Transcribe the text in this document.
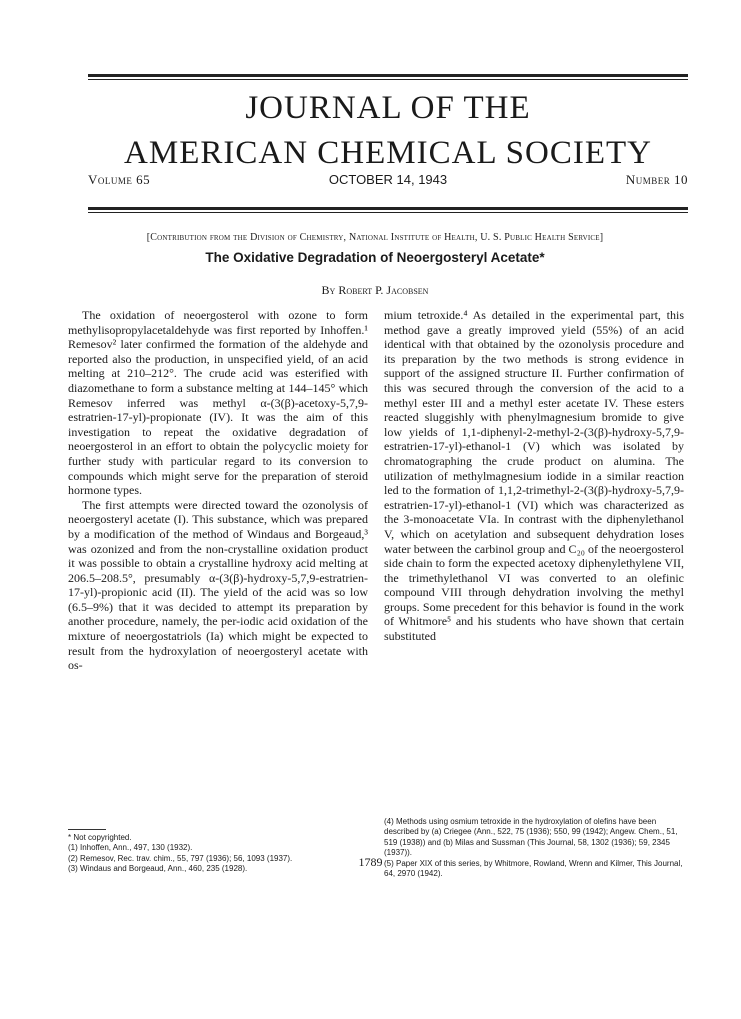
JOURNAL OF THE
AMERICAN CHEMICAL SOCIETY
OCTOBER 14, 1943
Volume 65	Number 10
[Contribution from the Division of Chemistry, National Institute of Health, U. S. Public Health Service]
The Oxidative Degradation of Neoergosteryl Acetate*
By Robert P. Jacobsen

The oxidation of neoergosterol with ozone to form methylisopropylacetaldehyde was first reported by Inhoffen.¹ Remesov² later confirmed the formation of the aldehyde and reported also the production, in unspecified yield, of an acid melting at 210–212°. The crude acid was esterified with diazomethane to form a substance melting at 144–145° which Remesov inferred was methyl α-(3(β)-acetoxy-5,7,9-estratrien-17-yl)-propionate (IV). It was the aim of this investigation to repeat the oxidative degradation of neoergosterol in an effort to obtain the polycyclic moiety for further study with particular regard to its conversion to compounds which might serve for the preparation of steroid hormone types.

The first attempts were directed toward the ozonolysis of neoergosteryl acetate (I). This substance, which was prepared by a modification of the method of Windaus and Borgeaud,³ was ozonized and from the non-crystalline oxidation product it was possible to obtain a crystalline hydroxy acid melting at 206.5–208.5°, presumably α-(3(β)-hydroxy-5,7,9-estratrien-17-yl)-propionic acid (II). The yield of the acid was so low (6.5–9%) that it was decided to attempt its preparation by another procedure, namely, the per-iodic acid oxidation of the mixture of neoergostatriols (Ia) which might be expected to result from the hydroxylation of neoergosteryl acetate with os-

mium tetroxide.⁴ As detailed in the experimental part, this method gave a greatly improved yield (55%) of an acid identical with that obtained by the ozonolysis procedure and its preparation by the two methods is strong evidence in support of the assigned structure II. Further confirmation of this was secured through the conversion of the acid to a methyl ester III and a methyl ester acetate IV. These esters reacted sluggishly with phenylmagnesium bromide to give low yields of 1,1-diphenyl-2-methyl-2-(3(β)-hydroxy-5,7,9-estratrien-17-yl)-ethanol-1 (V) which was isolated by chromatographing the crude product on alumina. The utilization of methylmagnesium iodide in a similar reaction led to the formation of 1,1,2-trimethyl-2-(3(β)-hydroxy-5,7,9-estratrien-17-yl)-ethanol-1 (VI) which was characterized as the 3-monoacetate VIa. In contrast with the diphenylethanol V, which on acetylation and subsequent dehydration loses water between the carbinol group and C₂₀ of the neoergosterol side chain to form the expected acetoxy diphenylethylene VII, the trimethylethanol VI was converted to an olefinic compound VIII through dehydration involving the methyl groups. Some precedent for this behavior is found in the work of Whitmore⁵ and his students who have shown that certain substituted

* Not copyrighted.
(1) Inhoffen, Ann., 497, 130 (1932).
(2) Remesov, Rec. trav. chim., 55, 797 (1936); 56, 1093 (1937).
(3) Windaus and Borgeaud, Ann., 460, 235 (1928).
(4) Methods using osmium tetroxide in the hydroxylation of olefins have been described by (a) Criegee (Ann., 522, 75 (1936); 550, 99 (1942); Angew. Chem., 51, 519 (1938)) and (b) Milas and Sussman (This Journal, 58, 1302 (1936); 59, 2345 (1937)).
(5) Paper XIX of this series, by Whitmore, Rowland, Wrenn and Kilmer, This Journal, 64, 2970 (1942).
1789
